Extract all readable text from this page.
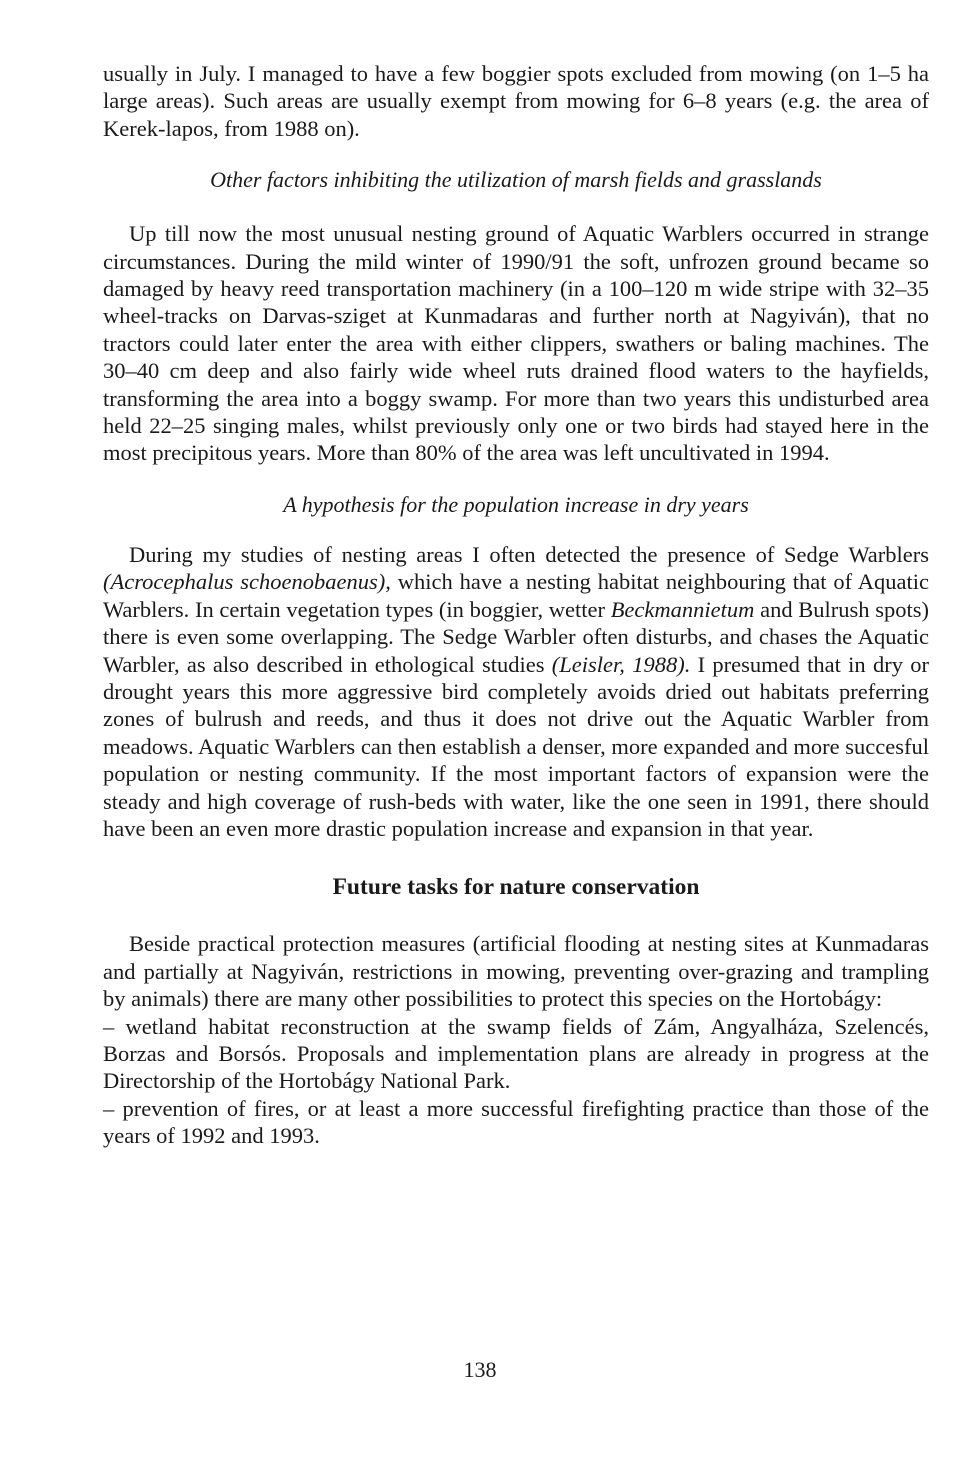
usually in July. I managed to have a few boggier spots excluded from mowing (on 1–5 ha large areas). Such areas are usually exempt from mowing for 6–8 years (e.g. the area of Kerek-lapos, from 1988 on).

Other factors inhibiting the utilization of marsh fields and grasslands

Up till now the most unusual nesting ground of Aquatic Warblers occurred in strange circumstances. During the mild winter of 1990/91 the soft, unfrozen ground became so damaged by heavy reed transportation machinery (in a 100–120 m wide stripe with 32–35 wheel-tracks on Darvas-sziget at Kunmadaras and further north at Nagyiván), that no tractors could later enter the area with either clippers, swathers or baling machines. The 30–40 cm deep and also fairly wide wheel ruts drained flood waters to the hayfields, transforming the area into a boggy swamp. For more than two years this undisturbed area held 22–25 singing males, whilst previously only one or two birds had stayed here in the most precipitous years. More than 80% of the area was left uncultivated in 1994.

A hypothesis for the population increase in dry years

During my studies of nesting areas I often detected the presence of Sedge Warblers (Acrocephalus schoenobaenus), which have a nesting habitat neighbouring that of Aquatic Warblers. In certain vegetation types (in boggier, wetter Beckmannietum and Bulrush spots) there is even some overlapping. The Sedge Warbler often disturbs, and chases the Aquatic Warbler, as also described in ethological studies (Leisler, 1988). I presumed that in dry or drought years this more aggressive bird completely avoids dried out habitats preferring zones of bulrush and reeds, and thus it does not drive out the Aquatic Warbler from meadows. Aquatic Warblers can then establish a denser, more expanded and more succesful population or nesting community. If the most important factors of expansion were the steady and high coverage of rush-beds with water, like the one seen in 1991, there should have been an even more drastic population increase and expansion in that year.

Future tasks for nature conservation

Beside practical protection measures (artificial flooding at nesting sites at Kunmadaras and partially at Nagyiván, restrictions in mowing, preventing over-grazing and trampling by animals) there are many other possibilities to protect this species on the Hortobágy:

– wetland habitat reconstruction at the swamp fields of Zám, Angyalháza, Szelencés, Borzas and Borsós. Proposals and implementation plans are already in progress at the Directorship of the Hortobágy National Park.

– prevention of fires, or at least a more successful firefighting practice than those of the years of 1992 and 1993.

138
